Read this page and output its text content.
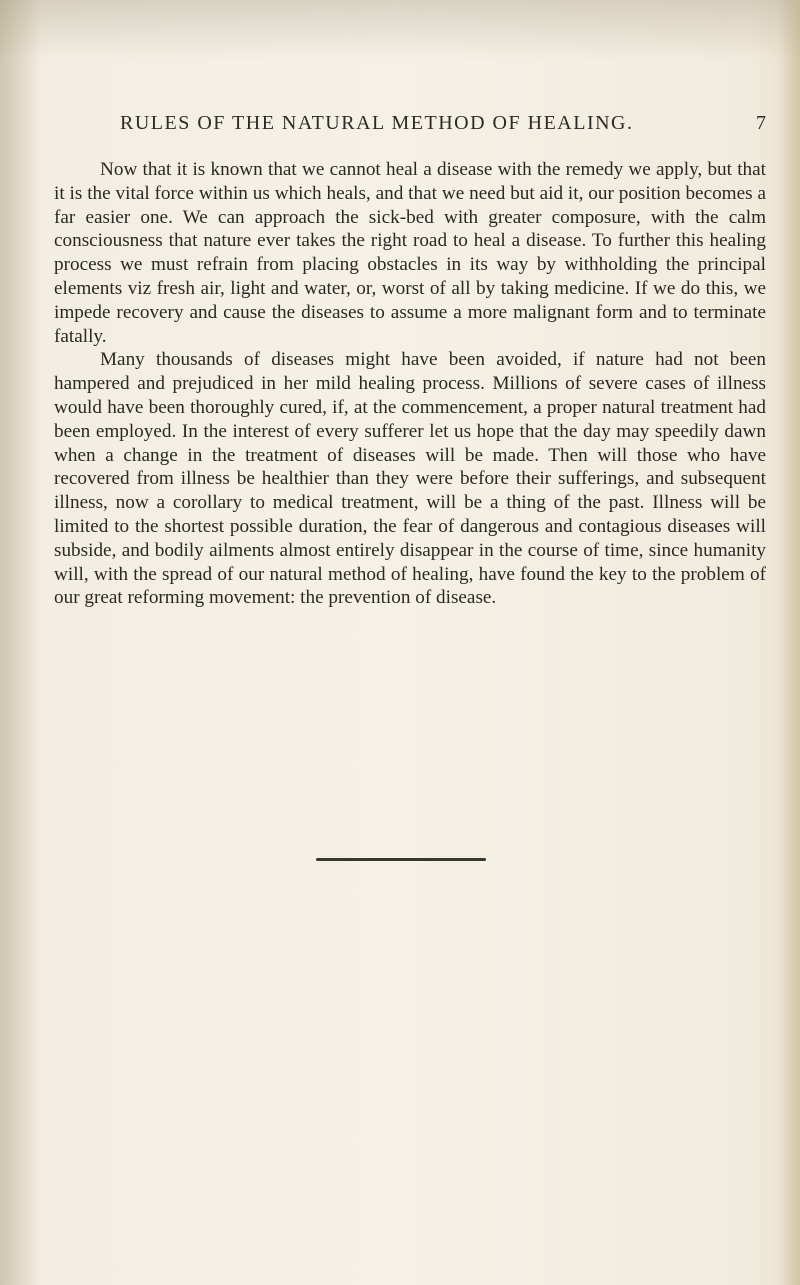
RULES OF THE NATURAL METHOD OF HEALING.	7

Now that it is known that we cannot heal a disease with the remedy we apply, but that it is the vital force within us which heals, and that we need but aid it, our position becomes a far easier one. We can approach the sick-bed with greater composure, with the calm consciousness that nature ever takes the right road to heal a disease. To further this healing process we must refrain from placing obstacles in its way by withholding the principal elements viz fresh air, light and water, or, worst of all by taking medicine. If we do this, we impede recovery and cause the diseases to assume a more malignant form and to terminate fatally.

Many thousands of diseases might have been avoided, if nature had not been hampered and prejudiced in her mild healing process. Millions of severe cases of illness would have been thoroughly cured, if, at the commencement, a proper natural treatment had been employed. In the interest of every sufferer let us hope that the day may speedily dawn when a change in the treatment of diseases will be made. Then will those who have recovered from illness be healthier than they were before their sufferings, and subsequent illness, now a corollary to medical treatment, will be a thing of the past. Illness will be limited to the shortest possible duration, the fear of dangerous and contagious diseases will subside, and bodily ailments almost entirely disappear in the course of time, since humanity will, with the spread of our natural method of healing, have found the key to the problem of our great reforming movement: the prevention of disease.
